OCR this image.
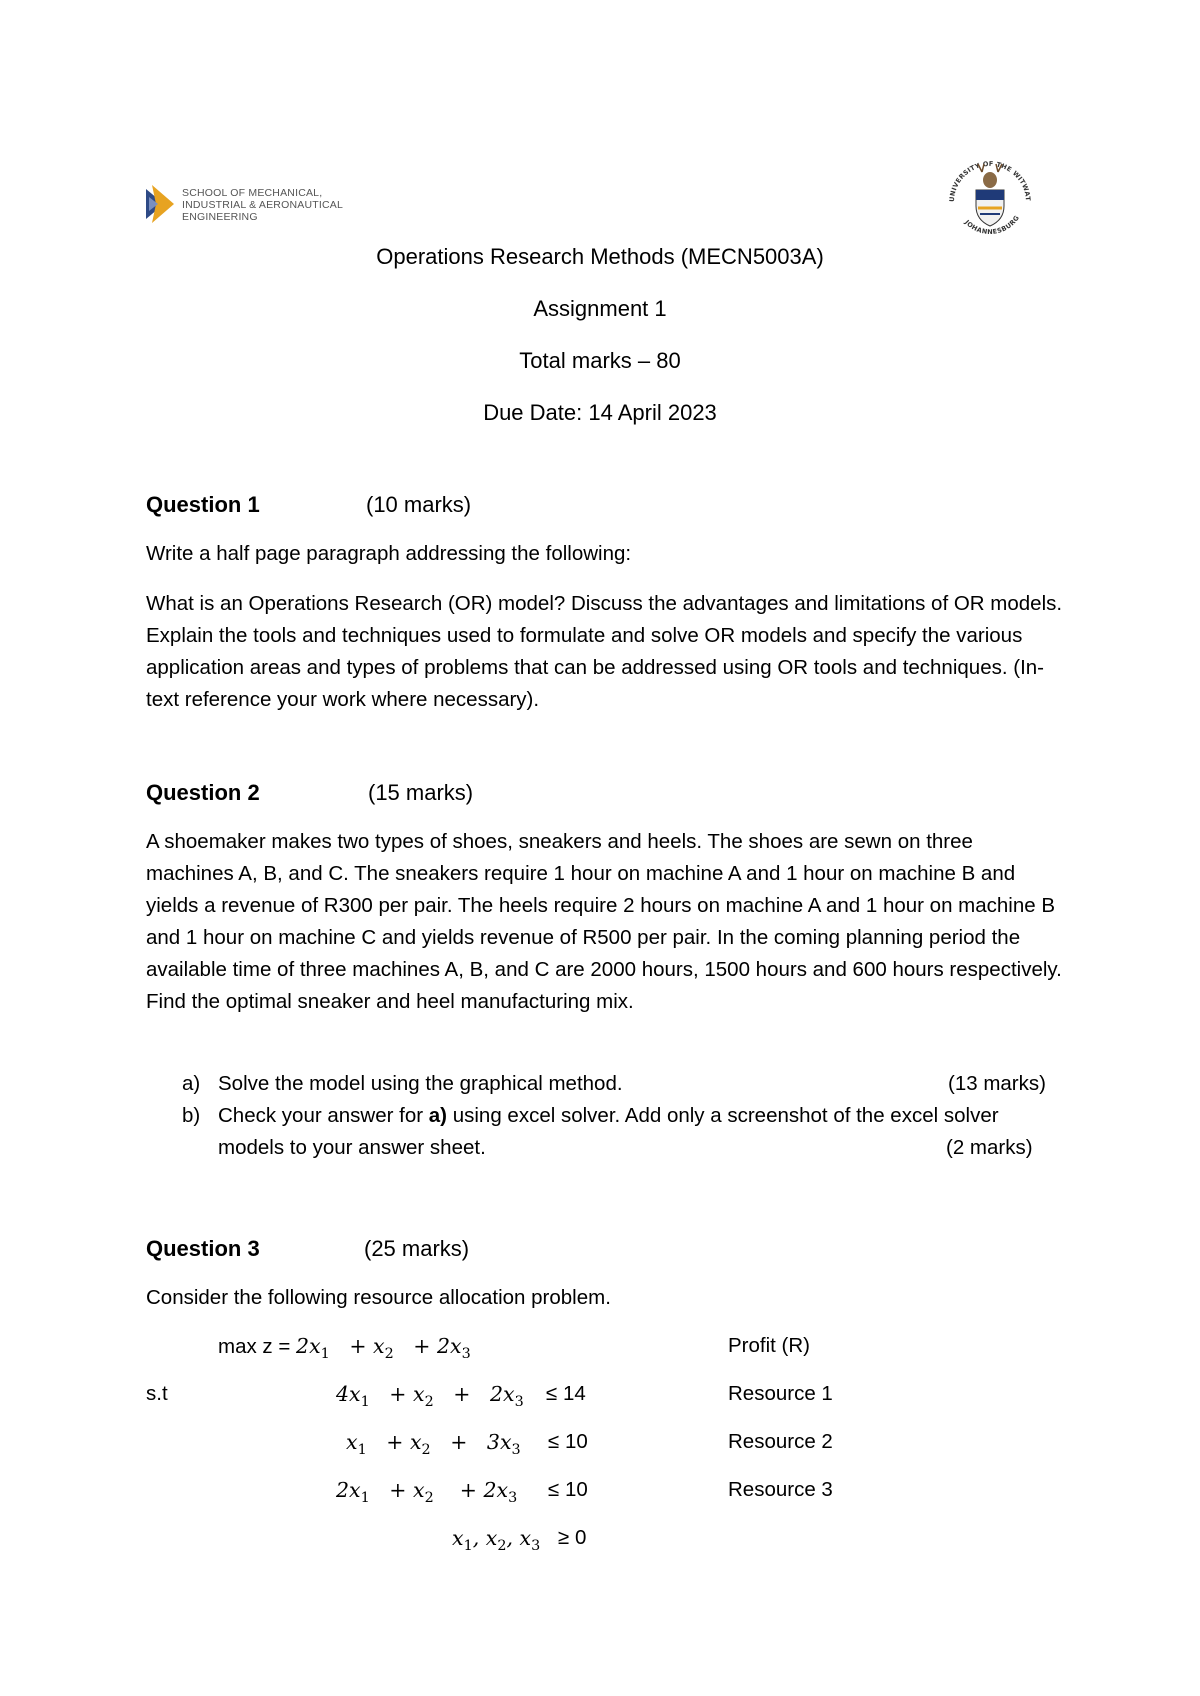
SCHOOL OF MECHANICAL,
INDUSTRIAL & AERONAUTICAL
ENGINEERING
UNIVERSITY OF THE WITWAT
JOHANNESBURG
Operations Research Methods (MECN5003A)
Assignment 1
Total marks – 80
Due Date: 14 April 2023
Question 1	(10 marks)
Write a half page paragraph addressing the following:
What is an Operations Research (OR) model? Discuss the advantages and limitations of OR models. Explain the tools and techniques used to formulate and solve OR models and specify the various application areas and types of problems that can be addressed using OR tools and techniques. (In-text reference your work where necessary).
Question 2	(15 marks)
A shoemaker makes two types of shoes, sneakers and heels. The shoes are sewn on three machines A, B, and C. The sneakers require 1 hour on machine A and 1 hour on machine B and yields a revenue of R300 per pair. The heels require 2 hours on machine A and 1 hour on machine B and 1 hour on machine C and yields revenue of R500 per pair. In the coming planning period the available time of three machines A, B, and C are 2000 hours, 1500 hours and 600 hours respectively. Find the optimal sneaker and heel manufacturing mix.
a) Solve the model using the graphical method.	(13 marks)
b) Check your answer for a) using excel solver. Add only a screenshot of the excel solver
models to your answer sheet.	(2 marks)
Question 3	(25 marks)
Consider the following resource allocation problem.
$\max z = 2x_1 + x_2 + 2x_3$	Profit (R)
s.t	$4x_1 + x_2 + 2x_3 \le 14$	Resource 1
$x_1 + x_2 + 3x_3 \le 10$	Resource 2
$2x_1 + x_2$    + $2x_3 \le 10$	Resource 3
$x_1$, $x_2$, $x_3 \ge 0$
